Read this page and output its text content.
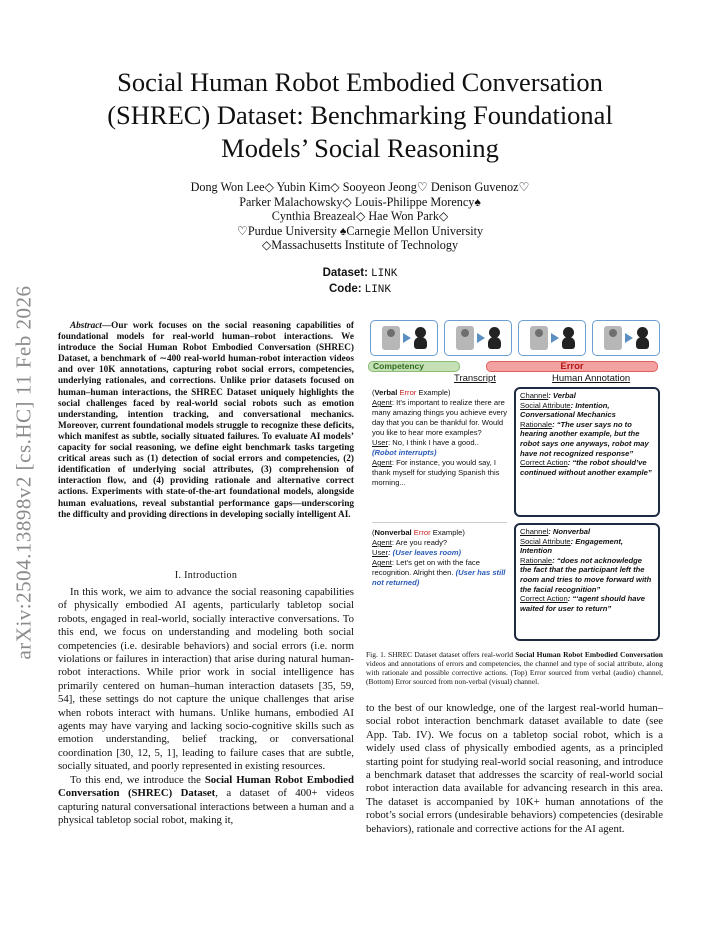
arXiv:2504.13898v2 [cs.HC] 11 Feb 2026
Social Human Robot Embodied Conversation (SHREC) Dataset: Benchmarking Foundational Models’ Social Reasoning
Dong Won Lee◇ Yubin Kim◇ Sooyeon Jeong♡ Denison Guvenoz♡
Parker Malachowsky◇ Louis-Philippe Morency♠
Cynthia Breazeal◇ Hae Won Park◇
♡Purdue University ♠Carnegie Mellon University
◇Massachusetts Institute of Technology
Dataset: LINK
Code: LINK

Abstract—Our work focuses on the social reasoning capabilities of foundational models for real-world human–robot interactions. We introduce the Social Human Robot Embodied Conversation (SHREC) Dataset, a benchmark of ∼400 real-world human-robot interaction videos and over 10K annotations, capturing robot social errors, competencies, underlying rationales, and corrections. Unlike prior datasets focused on human–human interactions, the SHREC Dataset uniquely highlights the social challenges faced by real-world social robots such as emotion understanding, intention tracking, and conversational mechanics. Moreover, current foundational models struggle to recognize these deficits, which manifest as subtle, socially situated failures. To evaluate AI models’ capacity for social reasoning, we define eight benchmark tasks targeting critical areas such as (1) detection of social errors and competencies, (2) identification of underlying social attributes, (3) comprehension of interaction flow, and (4) providing rationale and alternative correct actions. Experiments with state-of-the-art foundational models, alongside human evaluations, reveal substantial performance gaps—underscoring the difficulty and providing directions in developing socially intelligent AI.

I. Introduction

In this work, we aim to advance the social reasoning capabilities of physically embodied AI agents, particularly tabletop social robots, engaged in real-world, socially interactive conversations. To this end, we focus on understanding and modeling both social competencies (i.e. desirable behaviors) and social errors (i.e. norm violations or failures in interaction) that arise during natural human-robot interactions. While prior work in social intelligence has primarily centered on human–human interaction datasets [35, 59, 54], these settings do not capture the unique challenges that arise when robots interact with humans. Unlike humans, embodied AI agents may have varying and lacking socio-cognitive skills such as emotion understanding, belief tracking, or conversational coordination [30, 12, 5, 1], leading to failure cases that are subtle, socially situated, and poorly represented in existing resources.

To this end, we introduce the Social Human Robot Embodied Conversation (SHREC) Dataset, a dataset of 400+ videos capturing natural conversational interactions between a human and a physical tabletop social robot, making it,

Competency	Error
Transcript	Human Annotation
(Verbal Error Example)
Agent: It’s important to realize there are many amazing things you achieve every day that you can be thankful for. Would you like to hear more examples?
User: No, I think I have a good..
(Robot interrupts)
Agent: For instance, you would say, I thank myself for studying Spanish this morning...
Channel: Verbal
Social Attribute: Intention, Conversational Mechanics
Rationale: “The user says no to hearing another example, but the robot says one anyways, robot may have not recognized response”
Correct Action: “the robot should’ve continued without another example”
(Nonverbal Error Example)
Agent: Are you ready?
User: (User leaves room)
Agent: Let’s get on with the face recognition. Alright then. (User has still not returned)
Channel: Nonverbal
Social Attribute: Engagement, Intention
Rationale: “does not acknowledge the fact that the participant left the room and tries to move forward with the facial recognition”
Correct Action: “‘agent should have waited for user to return”
Fig. 1. SHREC Dataset dataset offers real-world Social Human Robot Embodied Conversation videos and annotations of errors and competencies, the channel and type of social attribute, along with rationale and possible corrective actions. (Top) Error sourced from verbal (audio) channel, (Bottom) Error sourced from non-verbal (visual) channel.
to the best of our knowledge, one of the largest real-world human–social robot interaction benchmark dataset available to date (see App. Tab. IV). We focus on a tabletop social robot, which is a widely used class of physically embodied agents, as a principled starting point for studying real-world social reasoning, and introduce a benchmark dataset that addresses the scarcity of real-world social robot interaction data available for advancing research in this area. The dataset is accompanied by 10K+ human annotations of the robot’s social errors (undesirable behaviors) competencies (desirable behaviors), rationale and corrective actions for the AI agent.
